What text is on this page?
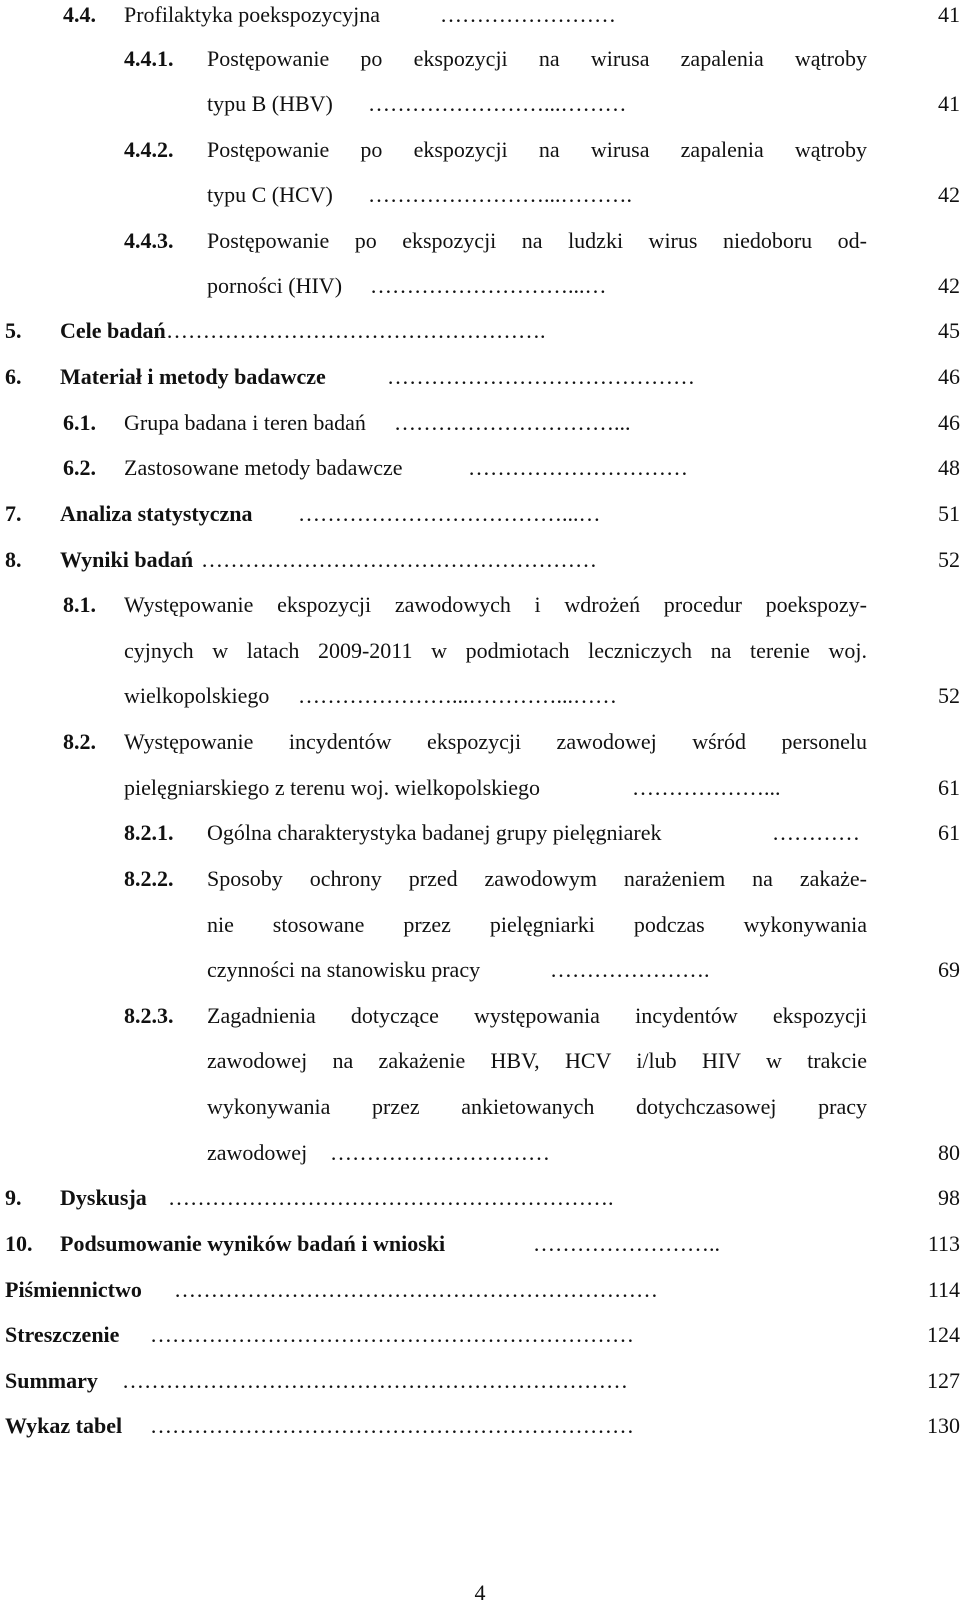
4.4. Profilaktyka poekspozycyjna	……………………	41
4.4.1. Postępowanie po ekspozycji na wirusa zapalenia wątroby
typu B (HBV) ……………………...………	41
4.4.2. Postępowanie po ekspozycji na wirusa zapalenia wątroby
typu C (HCV) ……………………...……….	42
4.4.3. Postępowanie po ekspozycji na ludzki wirus niedoboru od-
porności (HIV) ………………………...…	42
5. Cele badań …………………………………………….	45
6. Materiał i metody badawcze	……………………………………	46
6.1. Grupa badana i teren badań …………………………...	46
6.2. Zastosowane metody badawcze	…………………………	48
7. Analiza statystyczna ………………………………...…	51
8. Wyniki badań ………………………………………………	52
8.1. Występowanie ekspozycji zawodowych i wdrożeń procedur poekspozy-
cyjnych w latach 2009-2011 w podmiotach leczniczych na terenie woj.
wielkopolskiego …………………...…………...……	52
8.2. Występowanie incydentów ekspozycji zawodowej wśród personelu
pielęgniarskiego z terenu woj. wielkopolskiego	………………...	61
8.2.1. Ogólna charakterystyka badanej grupy pielęgniarek	…………	61
8.2.2. Sposoby ochrony przed zawodowym narażeniem na zakaże-
nie stosowane przez pielęgniarki podczas wykonywania
czynności na stanowisku pracy	………………….	69
8.2.3. Zagadnienia dotyczące występowania incydentów ekspozycji
zawodowej na zakażenie HBV, HCV i/lub HIV w trakcie
wykonywania przez ankietowanych dotychczasowej pracy
zawodowej …………………………	80
9. Dyskusja …………………………………………………….	98
10. Podsumowanie wyników badań i wnioski	……………………..	113
Piśmiennictwo …………………………………………………………	114
Streszczenie …………………………………………………………	124
Summary ……………………………………………………………	127
Wykaz tabel …………………………………………………………	130
4
